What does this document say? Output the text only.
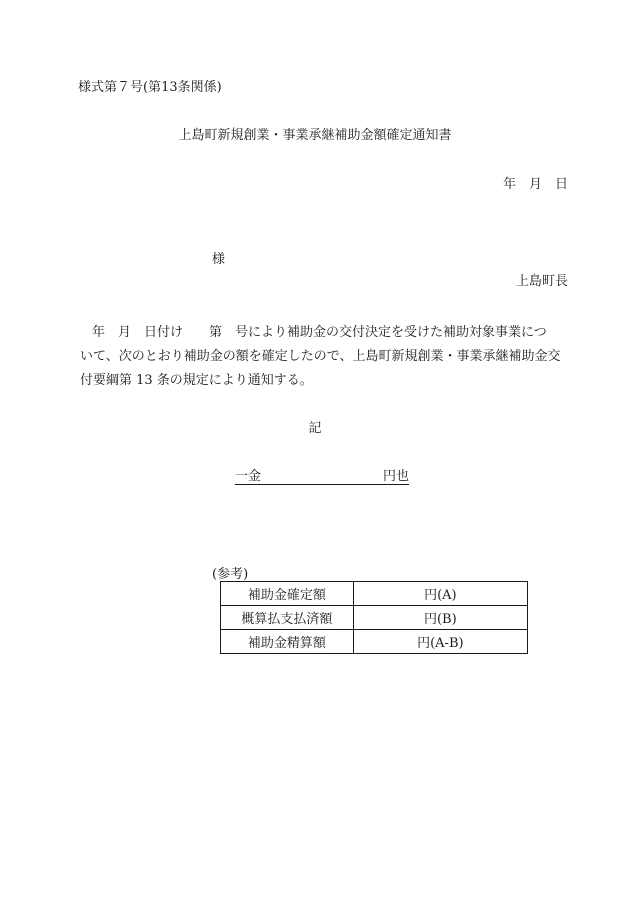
様式第７号(第13条関係)
上島町新規創業・事業承継補助金額確定通知書
年　月　日
様
上島町長
年　月　日付け　　第　号により補助金の交付決定を受けた補助対象事業につ
いて、次のとおり補助金の額を確定したので、上島町新規創業・事業承継補助金交
付要綱第 13 条の規定により通知する。
記
一金	円也
(参考)
補助金確定額	円(A)
概算払支払済額	円(B)
補助金精算額	円(A-B)
